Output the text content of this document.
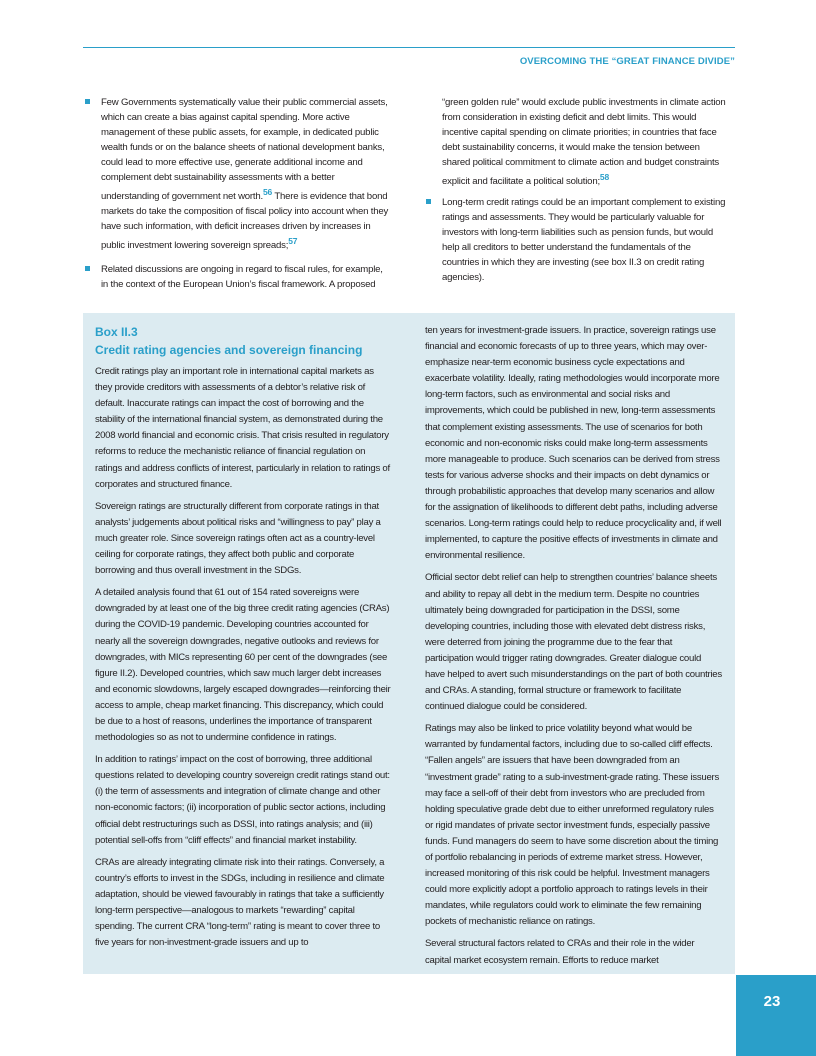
OVERCOMING THE “GREAT FINANCE DIVIDE”
Few Governments systematically value their public commercial assets, which can create a bias against capital spending. More active management of these public assets, for example, in dedicated public wealth funds or on the balance sheets of national development banks, could lead to more effective use, generate additional income and complement debt sustainability assessments with a better understanding of government net worth.$^{56}$ There is evidence that bond markets do take the composition of fiscal policy into account when they have such information, with deficit increases driven by increases in public investment lowering sovereign spreads;$^{57}$
Related discussions are ongoing in regard to fiscal rules, for example, in the context of the European Union’s fiscal framework. A proposed
“green golden rule” would exclude public investments in climate action from consideration in existing deficit and debt limits. This would incentive capital spending on climate priorities; in countries that face debt sustainability concerns, it would make the tension between shared political commitment to climate action and budget constraints explicit and facilitate a political solution;$^{58}$
Long-term credit ratings could be an important complement to existing ratings and assessments. They would be particularly valuable for investors with long-term liabilities such as pension funds, but would help all creditors to better understand the fundamentals of the countries in which they are investing (see box II.3 on credit rating agencies).
Box II.3
Credit rating agencies and sovereign financing

Credit ratings play an important role in international capital markets as they provide creditors with assessments of a debtor’s relative risk of default. Inaccurate ratings can impact the cost of borrowing and the stability of the international financial system, as demonstrated during the 2008 world financial and economic crisis. That crisis resulted in regulatory reforms to reduce the mechanistic reliance of financial regulation on ratings and address conflicts of interest, particularly in relation to ratings of corporates and structured finance.

Sovereign ratings are structurally different from corporate ratings in that analysts’ judgements about political risks and “willingness to pay” play a much greater role. Since sovereign ratings often act as a country-level ceiling for corporate ratings, they affect both public and corporate borrowing and thus overall investment in the SDGs.

A detailed analysis found that 61 out of 154 rated sovereigns were downgraded by at least one of the big three credit rating agencies (CRAs) during the COVID-19 pandemic. Developing countries accounted for nearly all the sovereign downgrades, negative outlooks and reviews for downgrades, with MICs representing 60 per cent of the downgrades (see figure II.2). Developed countries, which saw much larger debt increases and economic slowdowns, largely escaped downgrades—reinforcing their access to ample, cheap market financing. This discrepancy, which could be due to a host of reasons, underlines the importance of transparent methodologies so as not to undermine confidence in ratings.

In addition to ratings’ impact on the cost of borrowing, three additional questions related to developing country sovereign credit ratings stand out: (i) the term of assessments and integration of climate change and other non-economic factors; (ii) incorporation of public sector actions, including official debt restructurings such as DSSI, into ratings analysis; and (iii) potential sell-offs from “cliff effects” and financial market instability.

CRAs are already integrating climate risk into their ratings. Conversely, a country’s efforts to invest in the SDGs, including in resilience and climate adaptation, should be viewed favourably in ratings that take a sufficiently long-term perspective—analogous to markets “rewarding” capital spending. The current CRA “long-term” rating is meant to cover three to five years for non-investment-grade issuers and up to

ten years for investment-grade issuers. In practice, sovereign ratings use financial and economic forecasts of up to three years, which may over-emphasize near-term economic business cycle expectations and exacerbate volatility. Ideally, rating methodologies would incorporate more long-term factors, such as environmental and social risks and improvements, which could be published in new, long-term assessments that complement existing assessments. The use of scenarios for both economic and non-economic risks could make long-term assessments more manageable to produce. Such scenarios can be derived from stress tests for various adverse shocks and their impacts on debt dynamics or through probabilistic approaches that develop many scenarios and allow for the assignation of likelihoods to different debt paths, including adverse scenarios. Long-term ratings could help to reduce procyclicality and, if well implemented, to capture the positive effects of investments in climate and environmental resilience.

Official sector debt relief can help to strengthen countries’ balance sheets and ability to repay all debt in the medium term. Despite no countries ultimately being downgraded for participation in the DSSI, some developing countries, including those with elevated debt distress risks, were deterred from joining the programme due to the fear that participation would trigger rating downgrades. Greater dialogue could have helped to avert such misunderstandings on the part of both countries and CRAs. A standing, formal structure or framework to facilitate continued dialogue could be considered.

Ratings may also be linked to price volatility beyond what would be warranted by fundamental factors, including due to so-called cliff effects. “Fallen angels” are issuers that have been downgraded from an “investment grade” rating to a sub-investment-grade rating. These issuers may face a sell-off of their debt from investors who are precluded from holding speculative grade debt due to either unreformed regulatory rules or rigid mandates of private sector investment funds, especially passive funds. Fund managers do seem to have some discretion about the timing of portfolio rebalancing in periods of extreme market stress. However, increased monitoring of this risk could be helpful. Investment managers could more explicitly adopt a portfolio approach to ratings levels in their mandates, while regulators could work to eliminate the few remaining pockets of mechanistic reliance on ratings.

Several structural factors related to CRAs and their role in the wider capital market ecosystem remain. Efforts to reduce market

23
